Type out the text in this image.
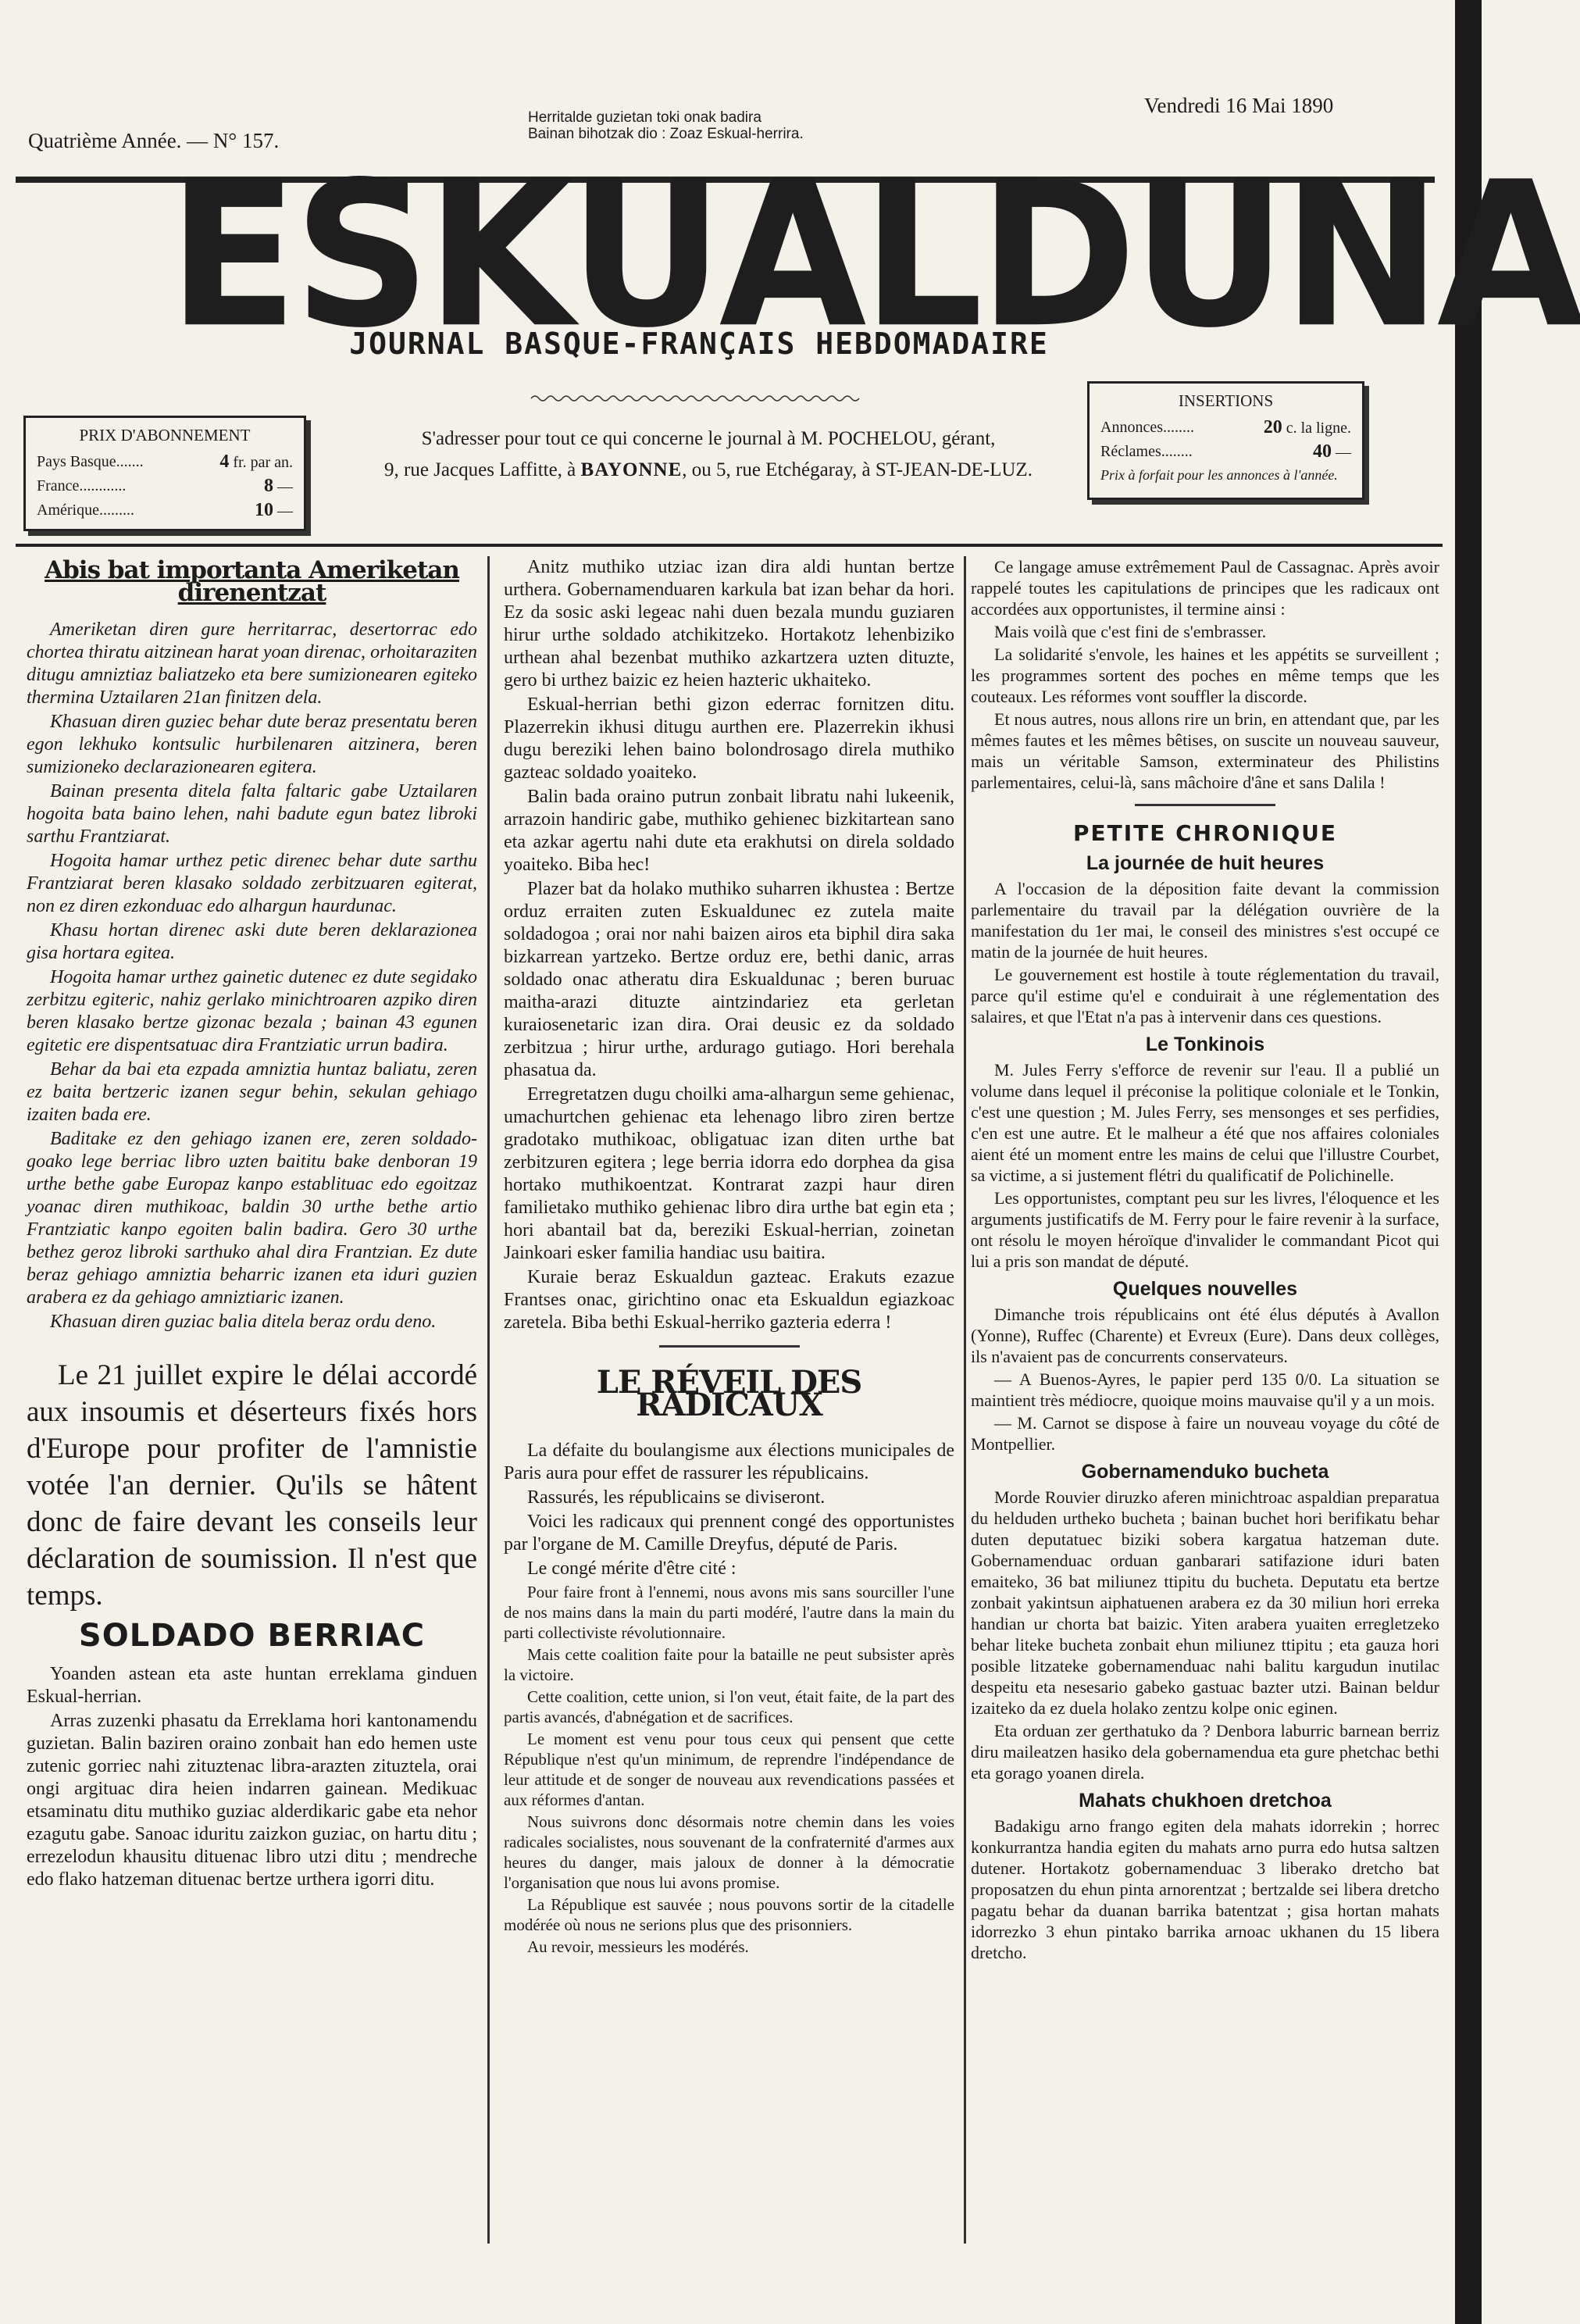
Quatrième Année. — N° 157.
Herritalde guzietan toki onak badira
Bainan bihotzak dio : Zoaz Eskual-herrira.
Vendredi 16 Mai 1890
E S K U A L D U N A
JOURNAL BASQUE-FRANÇAIS HEBDOMADAIRE
PRIX D'ABONNEMENT
Pays Basque.......	4 fr. par an.
France............	8 —
Amérique.........	10 —
S'adresser pour tout ce qui concerne le journal à M. POCHELOU, gérant,
9, rue Jacques Laffitte, à BAYONNE, ou 5, rue Etchégaray, à ST-JEAN-DE-LUZ.
INSERTIONS
Annonces........	20 c. la ligne.
Réclames........	40 —
Prix à forfait pour les annonces à l'année.
Abis bat importanta Ameriketan direnentzat

Ameriketan diren gure herritarrac, desertorrac edo chortea thiratu aitzinean harat yoan direnac, orhoitaraziten ditugu amniztiaz baliatzeko eta bere sumizionearen egiteko thermina Uztailaren 21an finitzen dela.

Khasuan diren guziec behar dute beraz presentatu beren egon lekhuko kontsulic hurbilenaren aitzinera, beren sumizioneko declarazionearen egitera.

Bainan presenta ditela falta faltaric gabe Uztailaren hogoita bata baino lehen, nahi badute egun batez libroki sarthu Frantziarat.

Hogoita hamar urthez petic direnec behar dute sarthu Frantziarat beren klasako soldado zerbitzuaren egiterat, non ez diren ezkonduac edo alhargun haurdunac.

Khasu hortan direnec aski dute beren deklarazionea gisa hortara egitea.

Hogoita hamar urthez gainetic dutenec ez dute segidako zerbitzu egiteric, nahiz gerlako minichtroaren azpiko diren beren klasako bertze gizonac bezala ; bainan 43 egunen egitetic ere dispentsatuac dira Frantziatic urrun badira.

Behar da bai eta ezpada amniztia huntaz baliatu, zeren ez baita bertzeric izanen segur behin, sekulan gehiago izaiten bada ere.

Baditake ez den gehiago izanen ere, zeren soldado-goako lege berriac libro uzten baititu bake denboran 19 urthe bethe gabe Europaz kanpo establituac edo egoitzaz yoanac diren muthikoac, baldin 30 urthe bethe artio Frantziatic kanpo egoiten balin badira. Gero 30 urthe bethez geroz libroki sarthuko ahal dira Frantzian. Ez dute beraz gehiago amniztia beharric izanen eta iduri guzien arabera ez da gehiago amniztiaric izanen.

Khasuan diren guziac balia ditela beraz ordu deno.

Le 21 juillet expire le délai accordé aux insoumis et déserteurs fixés hors d'Europe pour profiter de l'amnistie votée l'an dernier. Qu'ils se hâtent donc de faire devant les conseils leur déclaration de soumission. Il n'est que temps.
SOLDADO BERRIAC

Yoanden astean eta aste huntan erreklama ginduen Eskual-herrian.

Arras zuzenki phasatu da Erreklama hori kantonamendu guzietan. Balin baziren oraino zonbait han edo hemen uste zutenic gorriec nahi zituztenac libra-arazten zituztela, orai ongi argituac dira heien indarren gainean. Medikuac etsaminatu ditu muthiko guziac alderdikaric gabe eta nehor ezagutu gabe. Sanoac iduritu zaizkon guziac, on hartu ditu ; errezelodun khausitu dituenac libro utzi ditu ; mendreche edo flako hatzeman dituenac bertze urthera igorri ditu.

Anitz muthiko utziac izan dira aldi huntan bertze urthera. Gobernamenduaren karkula bat izan behar da hori. Ez da sosic aski legeac nahi duen bezala mundu guziaren hirur urthe soldado atchikitzeko. Hortakotz lehenbiziko urthean ahal bezenbat muthiko azkartzera uzten dituzte, gero bi urthez baizic ez heien hazteric ukhaiteko.

Eskual-herrian bethi gizon ederrac fornitzen ditu. Plazerrekin ikhusi ditugu aurthen ere. Plazerrekin ikhusi dugu bereziki lehen baino bolondrosago direla muthiko gazteac soldado yoaiteko.

Balin bada oraino putrun zonbait libratu nahi lukeenik, arrazoin handiric gabe, muthiko gehienec bizkitartean sano eta azkar agertu nahi dute eta erakhutsi on direla soldado yoaiteko. Biba hec!

Plazer bat da holako muthiko suharren ikhustea : Bertze orduz erraiten zuten Eskualdunec ez zutela maite soldadogoa ; orai nor nahi baizen airos eta biphil dira saka bizkarrean yartzeko. Bertze orduz ere, bethi danic, arras soldado onac atheratu dira Eskualdunac ; beren buruac maitha-arazi dituzte aintzindariez eta gerletan kuraiosenetaric izan dira. Orai deusic ez da soldado zerbitzua ; hirur urthe, ardurago gutiago. Hori berehala phasatua da.

Erregretatzen dugu choilki ama-alhargun seme gehienac, umachurtchen gehienac eta lehenago libro ziren bertze gradotako muthikoac, obligatuac izan diten urthe bat zerbitzuren egitera ; lege berria idorra edo dorphea da gisa hortako muthikoentzat. Kontrarat zazpi haur diren familietako muthiko gehienac libro dira urthe bat egin eta ; hori abantail bat da, bereziki Eskual-herrian, zoinetan Jainkoari esker familia handiac usu baitira.

Kuraie beraz Eskualdun gazteac. Erakuts ezazue Frantses onac, girichtino onac eta Eskualdun egiazkoac zaretela. Biba bethi Eskual-herriko gazteria ederra !

LE RÉVEIL DES RADICAUX

La défaite du boulangisme aux élections municipales de Paris aura pour effet de rassurer les républicains.

Rassurés, les républicains se diviseront.

Voici les radicaux qui prennent congé des opportunistes par l'organe de M. Camille Dreyfus, député de Paris.

Le congé mérite d'être cité :

Pour faire front à l'ennemi, nous avons mis sans sourciller l'une de nos mains dans la main du parti modéré, l'autre dans la main du parti collectiviste révolutionnaire.

Mais cette coalition faite pour la bataille ne peut subsister après la victoire.

Cette coalition, cette union, si l'on veut, était faite, de la part des partis avancés, d'abnégation et de sacrifices.

Le moment est venu pour tous ceux qui pensent que cette République n'est qu'un minimum, de reprendre l'indépendance de leur attitude et de songer de nouveau aux revendications passées et aux réformes d'antan.

Nous suivrons donc désormais notre chemin dans les voies radicales socialistes, nous souvenant de la confraternité d'armes aux heures du danger, mais jaloux de donner à la démocratie l'organisation que nous lui avons promise.

La République est sauvée ; nous pouvons sortir de la citadelle modérée où nous ne serions plus que des prisonniers.

Au revoir, messieurs les modérés.

Ce langage amuse extrêmement Paul de Cassagnac. Après avoir rappelé toutes les capitulations de principes que les radicaux ont accordées aux opportunistes, il termine ainsi :

Mais voilà que c'est fini de s'embrasser.

La solidarité s'envole, les haines et les appétits se surveillent ; les programmes sortent des poches en même temps que les couteaux. Les réformes vont souffler la discorde.

Et nous autres, nous allons rire un brin, en attendant que, par les mêmes fautes et les mêmes bêtises, on suscite un nouveau sauveur, mais un véritable Samson, exterminateur des Philistins parlementaires, celui-là, sans mâchoire d'âne et sans Dalila !

PETITE CHRONIQUE
La journée de huit heures

A l'occasion de la déposition faite devant la commission parlementaire du travail par la délégation ouvrière de la manifestation du 1er mai, le conseil des ministres s'est occupé ce matin de la journée de huit heures.

Le gouvernement est hostile à toute réglementation du travail, parce qu'il estime qu'el e conduirait à une réglementation des salaires, et que l'Etat n'a pas à intervenir dans ces questions.

Le Tonkinois

M. Jules Ferry s'efforce de revenir sur l'eau. Il a publié un volume dans lequel il préconise la politique coloniale et le Tonkin, c'est une question ; M. Jules Ferry, ses mensonges et ses perfidies, c'en est une autre. Et le malheur a été que nos affaires coloniales aient été un moment entre les mains de celui que l'illustre Courbet, sa victime, a si justement flétri du qualificatif de Polichinelle.

Les opportunistes, comptant peu sur les livres, l'éloquence et les arguments justificatifs de M. Ferry pour le faire revenir à la surface, ont résolu le moyen héroïque d'invalider le commandant Picot qui lui a pris son mandat de député.

Quelques nouvelles

Dimanche trois républicains ont été élus députés à Avallon (Yonne), Ruffec (Charente) et Evreux (Eure). Dans deux collèges, ils n'avaient pas de concurrents conservateurs.

— A Buenos-Ayres, le papier perd 135 0/0. La situation se maintient très médiocre, quoique moins mauvaise qu'il y a un mois.

— M. Carnot se dispose à faire un nouveau voyage du côté de Montpellier.

Gobernamenduko bucheta

Morde Rouvier diruzko aferen minichtroac aspaldian preparatua du helduden urtheko bucheta ; bainan buchet hori berifikatu behar duten deputatuec biziki sobera kargatua hatzeman dute. Gobernamenduac orduan ganbarari satifazione iduri baten emaiteko, 36 bat miliunez ttipitu du bucheta. Deputatu eta bertze zonbait yakintsun aiphatuenen arabera ez da 30 miliun hori erreka handian ur chorta bat baizic. Yiten arabera yuaiten erregletzeko behar liteke bucheta zonbait ehun miliunez ttipitu ; eta gauza hori posible litzateke gobernamenduac nahi balitu kargudun inutilac despeitu eta nesesario gabeko gastuac bazter utzi. Bainan beldur izaiteko da ez duela holako zentzu kolpe onic eginen.

Eta orduan zer gerthatuko da ? Denbora laburric barnean berriz diru maileatzen hasiko dela gobernamendua eta gure phetchac bethi eta gorago yoanen direla.

Mahats chukhoen dretchoa

Badakigu arno frango egiten dela mahats idorrekin ; horrec konkurrantza handia egiten du mahats arno purra edo hutsa saltzen dutener. Hortakotz gobernamenduac 3 liberako dretcho bat proposatzen du ehun pinta arnorentzat ; bertzalde sei libera dretcho pagatu behar da duanan barrika batentzat ; gisa hortan mahats idorrezko 3 ehun pintako barrika arnoac ukhanen du 15 libera dretcho.
